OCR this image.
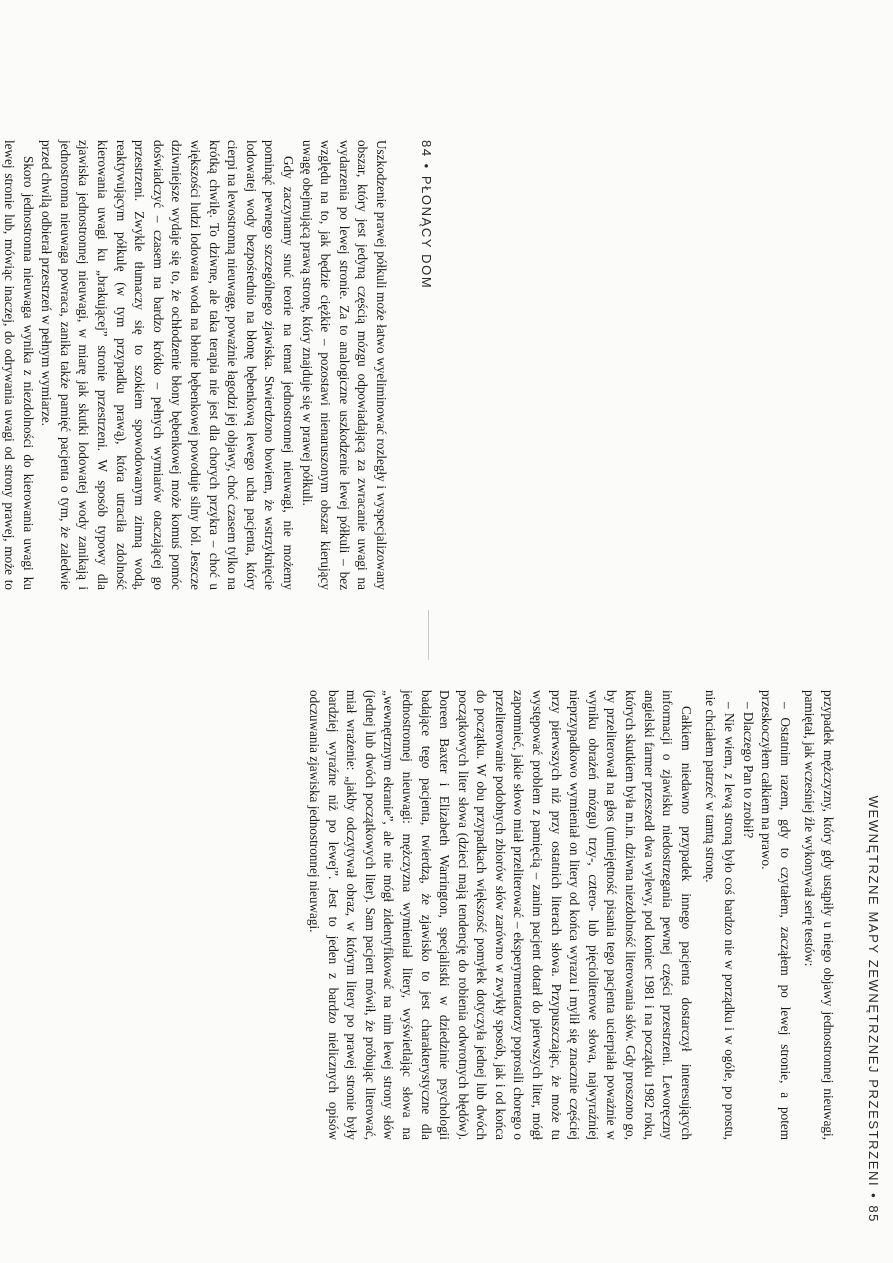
84
•
PŁONĄCY DOM

Uszkodzenie prawej półkuli może łatwo wyeliminować rozległy i wyspecjalizowany obszar, który jest jedyną częścią mózgu odpowiadającą za zwracanie uwagi na wydarzenia po lewej stronie. Za to analogiczne uszkodzenie lewej półkuli – bez względu na to, jak będzie ciężkie – pozostawi nienaruszonym obszar kierujący uwagę obejmującą prawą stronę, który znajduje się w prawej półkuli.

Gdy zaczynamy snuć teorie na temat jednostronnej nieuwagi, nie możemy pominąć pewnego szczególnego zjawiska. Stwierdzono bowiem, że wstrzyknięcie lodowatej wody bezpośrednio na błonę bębenkową lewego ucha pacjenta, który cierpi na lewostronną nieuwagę, poważnie łagodzi jej objawy, choć czasem tylko na krótką chwilę. To dziwne, ale taka terapia nie jest dla chorych przykra – choć u większości ludzi lodowata woda na błonie bębenkowej powoduje silny ból. Jeszcze dziwniejsze wydaje się to, że ochłodzenie błony bębenkowej może komuś pomóc doświadczyć – czasem na bardzo krótko – pełnych wymiarów otaczającej go przestrzeni. Zwykle tłumaczy się to szokiem spowodowanym zimną wodą, reaktywującym półkulę (w tym przypadku prawą), która utraciła zdolność kierowania uwagi ku „brakującej” stronie przestrzeni. W sposób typowy dla zjawiska jednostronnej nieuwagi, w miarę jak skutki lodowatej wody zanikają i jednostronna nieuwaga powraca, zanika także pamięć pacjenta o tym, że zaledwie przed chwilą odbierał przestrzeń w pełnym wymiarze.

Skoro jednostronna nieuwaga wynika z niezdolności do kierowania uwagi ku lewej stronie lub, mówiąc inaczej, do odrywania uwagi od strony prawej, może to

WEWNĘTRZNE MAPY ZEWNĘTRZNEJ PRZESTRZENI
•
85

przypadek mężczyzny, który gdy ustąpiły u niego objawy jednostronnej nieuwagi, pamiętał, jak wcześniej źle wykonywał serię testów:

– Ostatnim razem, gdy to czytałem, zacząłem po lewej stronie, a potem przeskoczyłem całkiem na prawo.
– Dlaczego Pan to zrobił?
– Nie wiem, z lewą stroną było coś bardzo nie w porządku i w ogóle, po prostu, nie chciałem patrzeć w tamtą stronę.

Całkiem niedawno przypadek innego pacjenta dostarczył interesujących informacji o zjawisku niedostrzegania pewnej części przestrzeni. Leworęczny angielski farmer przeszedł dwa wylewy, pod koniec 1981 i na początku 1982 roku, których skutkiem była m.in. dziwna niezdolność literowania słów. Gdy proszono go, by przeliterował na głos (umiejętność pisania tego pacjenta ucierpiała poważnie w wyniku obrażeń mózgu) trzy-, cztero- lub pięcioliterowe słowa, najwyraźniej nieprzypadkowo wymieniał on litery od końca wyrazu i mylił się znacznie częściej przy pierwszych niż przy ostatnich literach słowa. Przypuszczając, że może tu występować problem z pamięcią – zanim pacjent dotarł do pierwszych liter, mógł zapomnieć, jakie słowo miał przeliterować – eksperymentatorzy poprosili chorego o przeliterowanie podobnych zbiorów słów zarówno w zwykły sposób, jak i od końca do początku. W obu przypadkach większość pomyłek dotyczyła jednej lub dwóch początkowych liter słowa (dzieci mają tendencję do robienia odwrotnych błędów). Doreen Baxter i Elizabeth Warrington, specjalistki w dziedzinie psychologii badające tego pacjenta, twierdzą, że zjawisko to jest charakterystyczne dla jednostronnej nieuwagi: mężczyzna wymieniał litery, wyświetlając słowa na „wewnętrznym ekranie”, ale nie mógł zidentyfikować na nim lewej strony słów (jednej lub dwóch początkowych liter). Sam pacjent mówił, że próbując literować, miał wrażenie: „jakby odczytywał obraz, w którym litery po prawej stronie były bardziej wyraźne niż po lewej”. Jest to jeden z bardzo nielicznych opisów odczuwania zjawiska jednostronnej nieuwagi.
